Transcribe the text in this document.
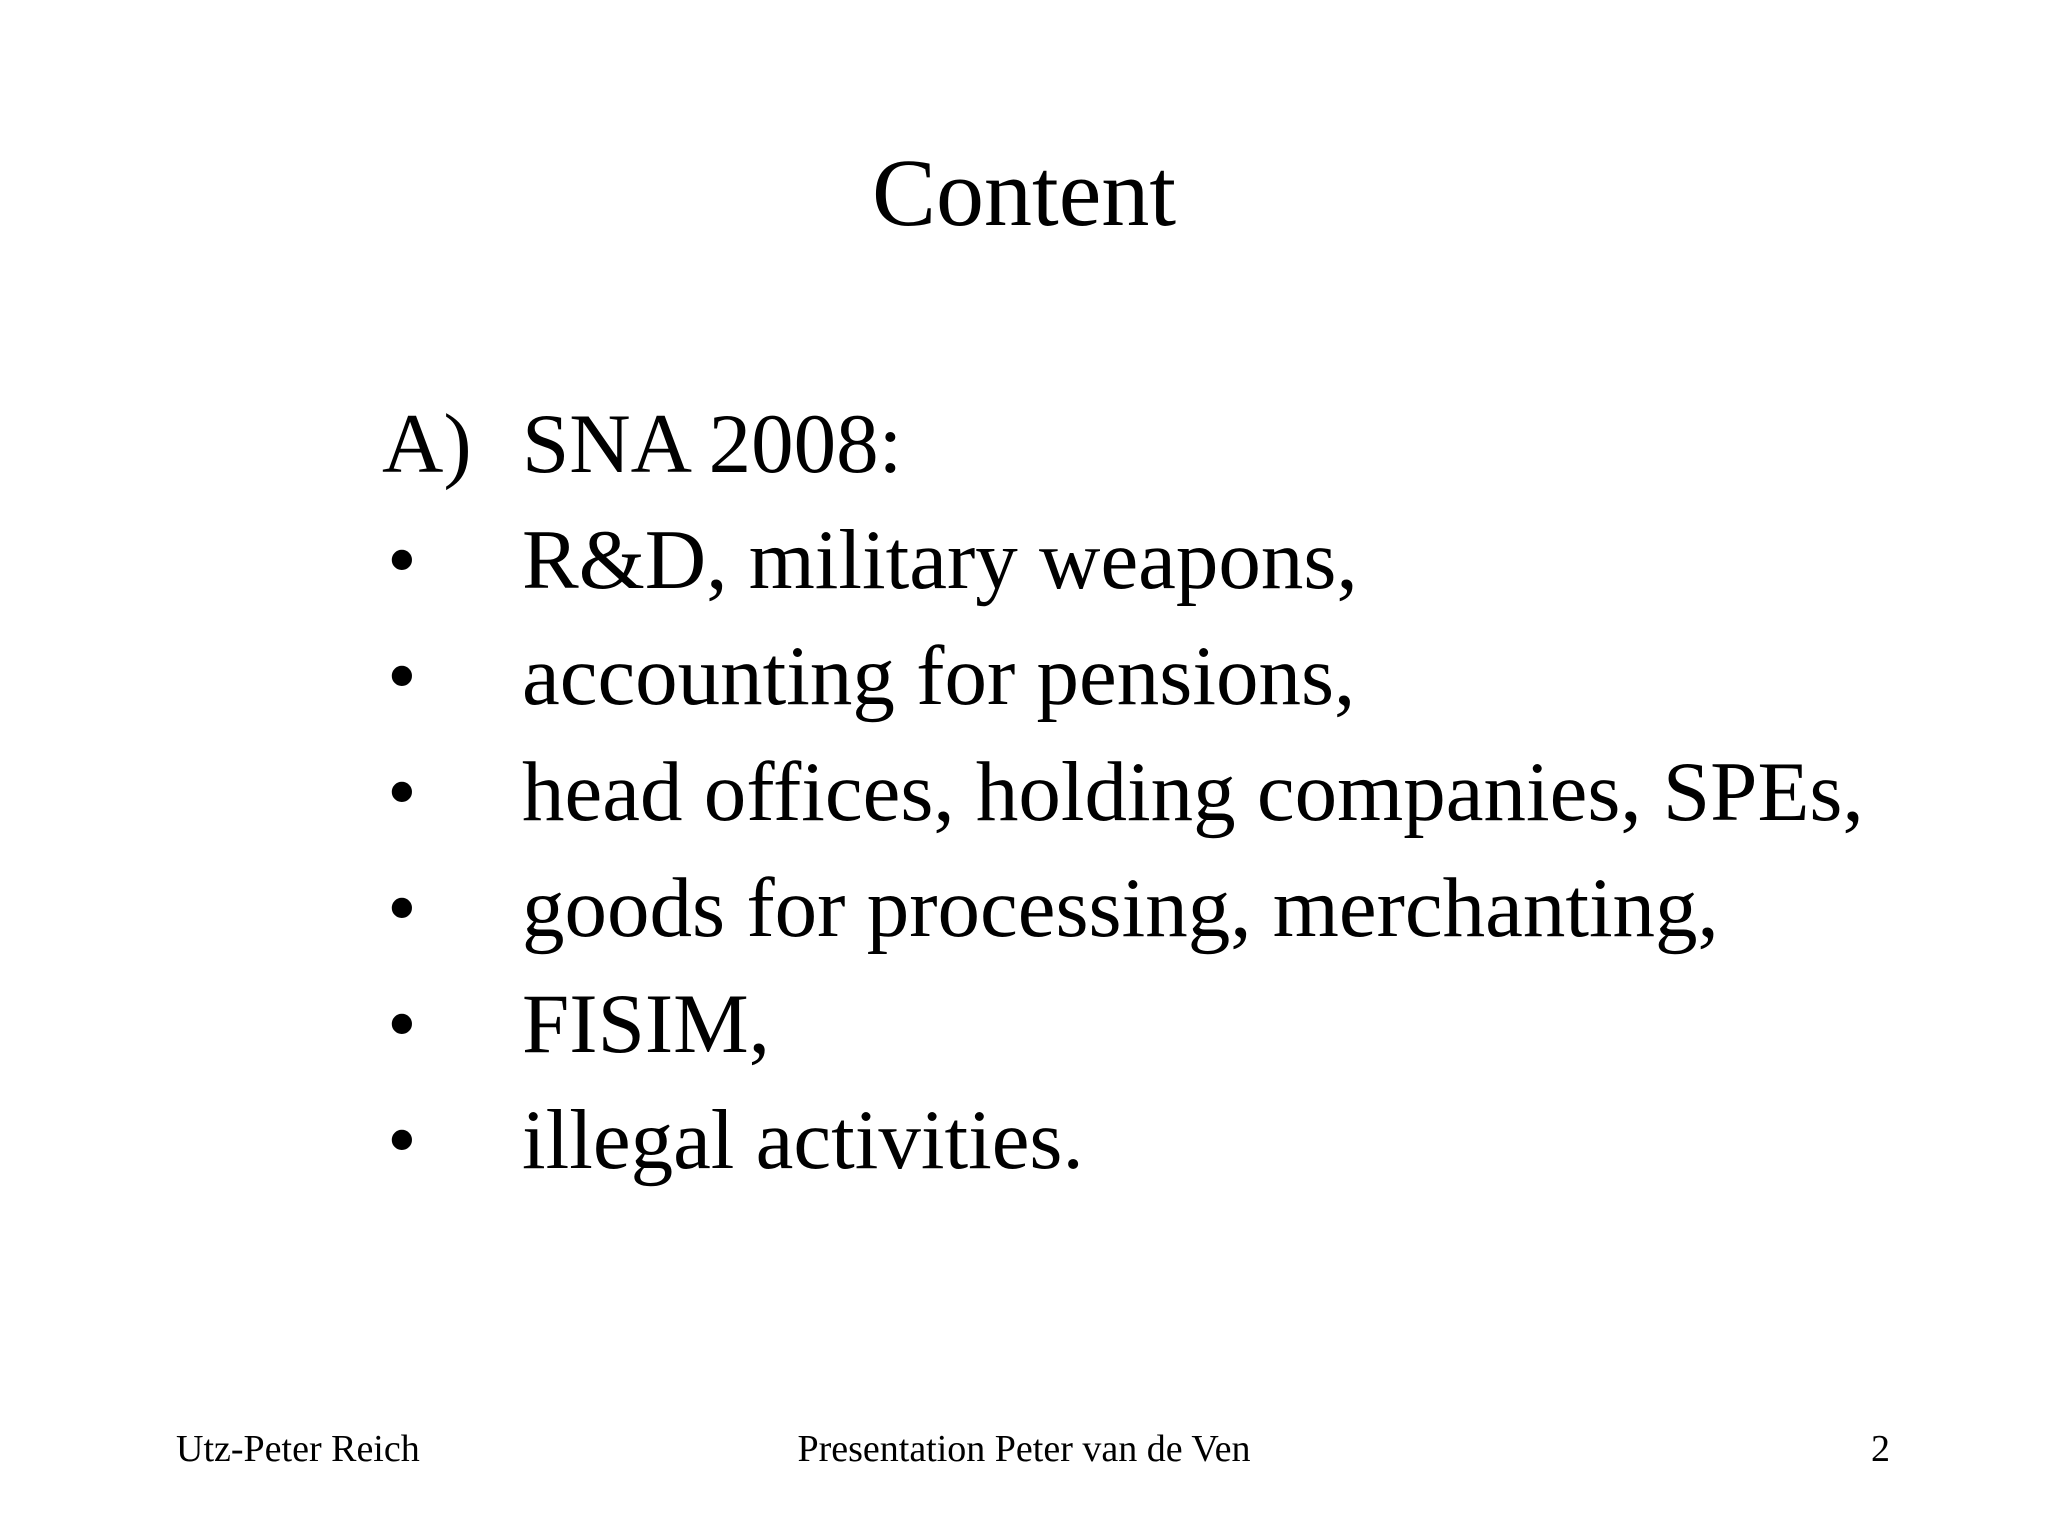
Content
A) SNA 2008:
• R&D, military weapons,
• accounting for pensions,
• head offices, holding companies, SPEs,
• goods for processing, merchanting,
• FISIM,
• illegal activities.
Utz-Peter Reich	Presentation Peter van de Ven	2
